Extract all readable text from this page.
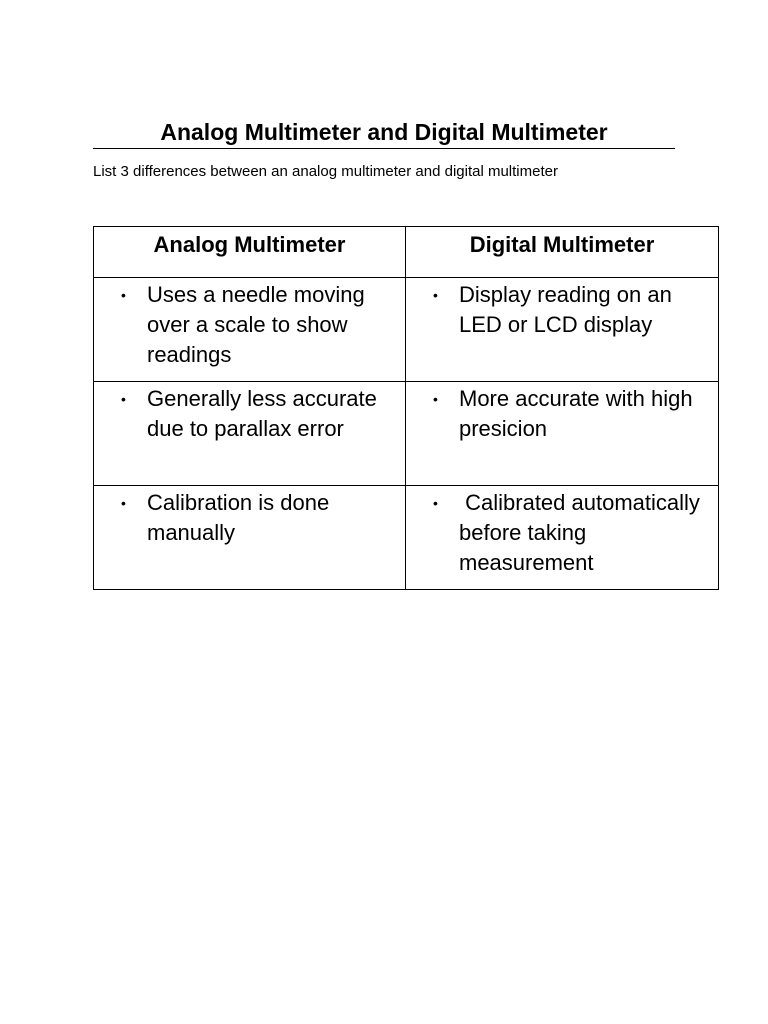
Analog Multimeter and Digital Multimeter
List 3 differences between an analog multimeter and digital multimeter
Analog Multimeter	Digital Multimeter

• Uses a needle moving over a scale to show readings	• Display reading on an LED or LCD display

• Generally less accurate due to parallax error	• More accurate with high presicion

• Calibration is done manually	• Calibrated automatically before taking measurement
